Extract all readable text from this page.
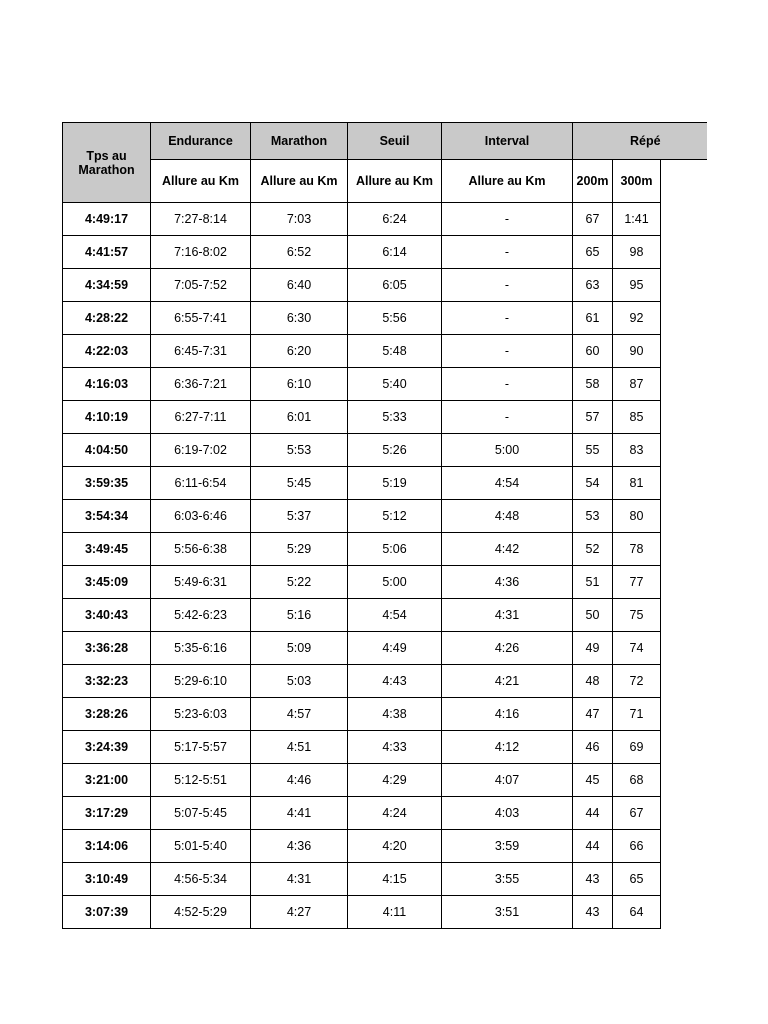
Tps au Marathon	Endurance	Marathon	Seuil	Interval	Répé		
	Allure au Km	Allure au Km	Allure au Km	Allure au Km	200m	300m	
4:49:17	7:27-8:14	7:03	6:24	-	67	1:41	
4:41:57	7:16-8:02	6:52	6:14	-	65	98	
4:34:59	7:05-7:52	6:40	6:05	-	63	95	
4:28:22	6:55-7:41	6:30	5:56	-	61	92	
4:22:03	6:45-7:31	6:20	5:48	-	60	90	
4:16:03	6:36-7:21	6:10	5:40	-	58	87	
4:10:19	6:27-7:11	6:01	5:33	-	57	85	
4:04:50	6:19-7:02	5:53	5:26	5:00	55	83	
3:59:35	6:11-6:54	5:45	5:19	4:54	54	81	
3:54:34	6:03-6:46	5:37	5:12	4:48	53	80	
3:49:45	5:56-6:38	5:29	5:06	4:42	52	78	
3:45:09	5:49-6:31	5:22	5:00	4:36	51	77	
3:40:43	5:42-6:23	5:16	4:54	4:31	50	75	
3:36:28	5:35-6:16	5:09	4:49	4:26	49	74	
3:32:23	5:29-6:10	5:03	4:43	4:21	48	72	
3:28:26	5:23-6:03	4:57	4:38	4:16	47	71	
3:24:39	5:17-5:57	4:51	4:33	4:12	46	69	
3:21:00	5:12-5:51	4:46	4:29	4:07	45	68	
3:17:29	5:07-5:45	4:41	4:24	4:03	44	67	
3:14:06	5:01-5:40	4:36	4:20	3:59	44	66	
3:10:49	4:56-5:34	4:31	4:15	3:55	43	65	
3:07:39	4:52-5:29	4:27	4:11	3:51	43	64	
